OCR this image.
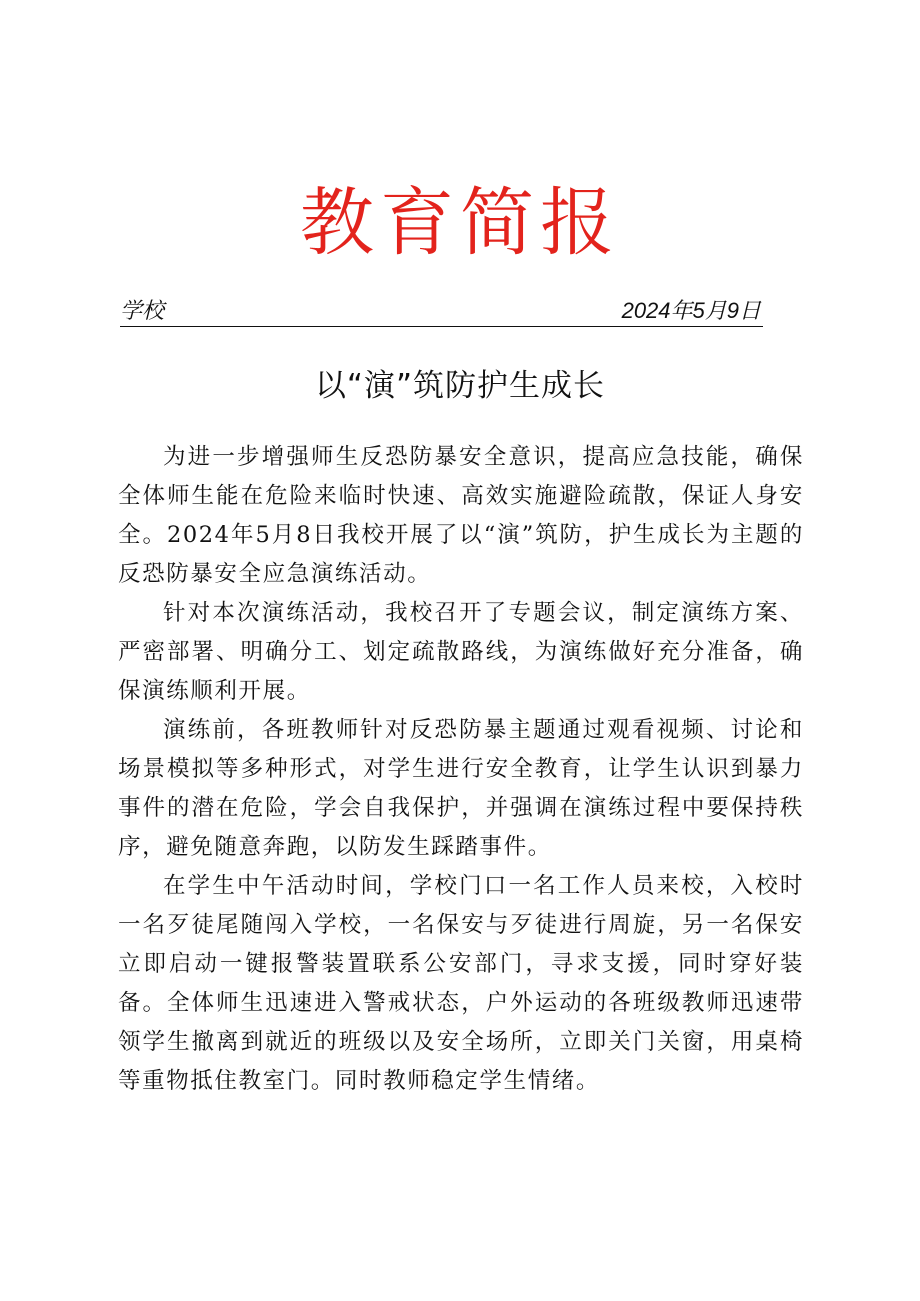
教育简报
学校	2024年5月9日
以“演”筑防护生成长

为进一步增强师生反恐防暴安全意识，提高应急技能，确保全体师生能在危险来临时快速、高效实施避险疏散，保证人身安全。2024年5月8日我校开展了以“演”筑防，护生成长为主题的反恐防暴安全应急演练活动。

针对本次演练活动，我校召开了专题会议，制定演练方案、严密部署、明确分工、划定疏散路线，为演练做好充分准备，确保演练顺利开展。

演练前，各班教师针对反恐防暴主题通过观看视频、讨论和场景模拟等多种形式，对学生进行安全教育，让学生认识到暴力事件的潜在危险，学会自我保护，并强调在演练过程中要保持秩序，避免随意奔跑，以防发生踩踏事件。

在学生中午活动时间，学校门口一名工作人员来校，入校时一名歹徒尾随闯入学校，一名保安与歹徒进行周旋，另一名保安立即启动一键报警装置联系公安部门，寻求支援，同时穿好装备。全体师生迅速进入警戒状态，户外运动的各班级教师迅速带领学生撤离到就近的班级以及安全场所，立即关门关窗，用桌椅等重物抵住教室门。同时教师稳定学生情绪。
